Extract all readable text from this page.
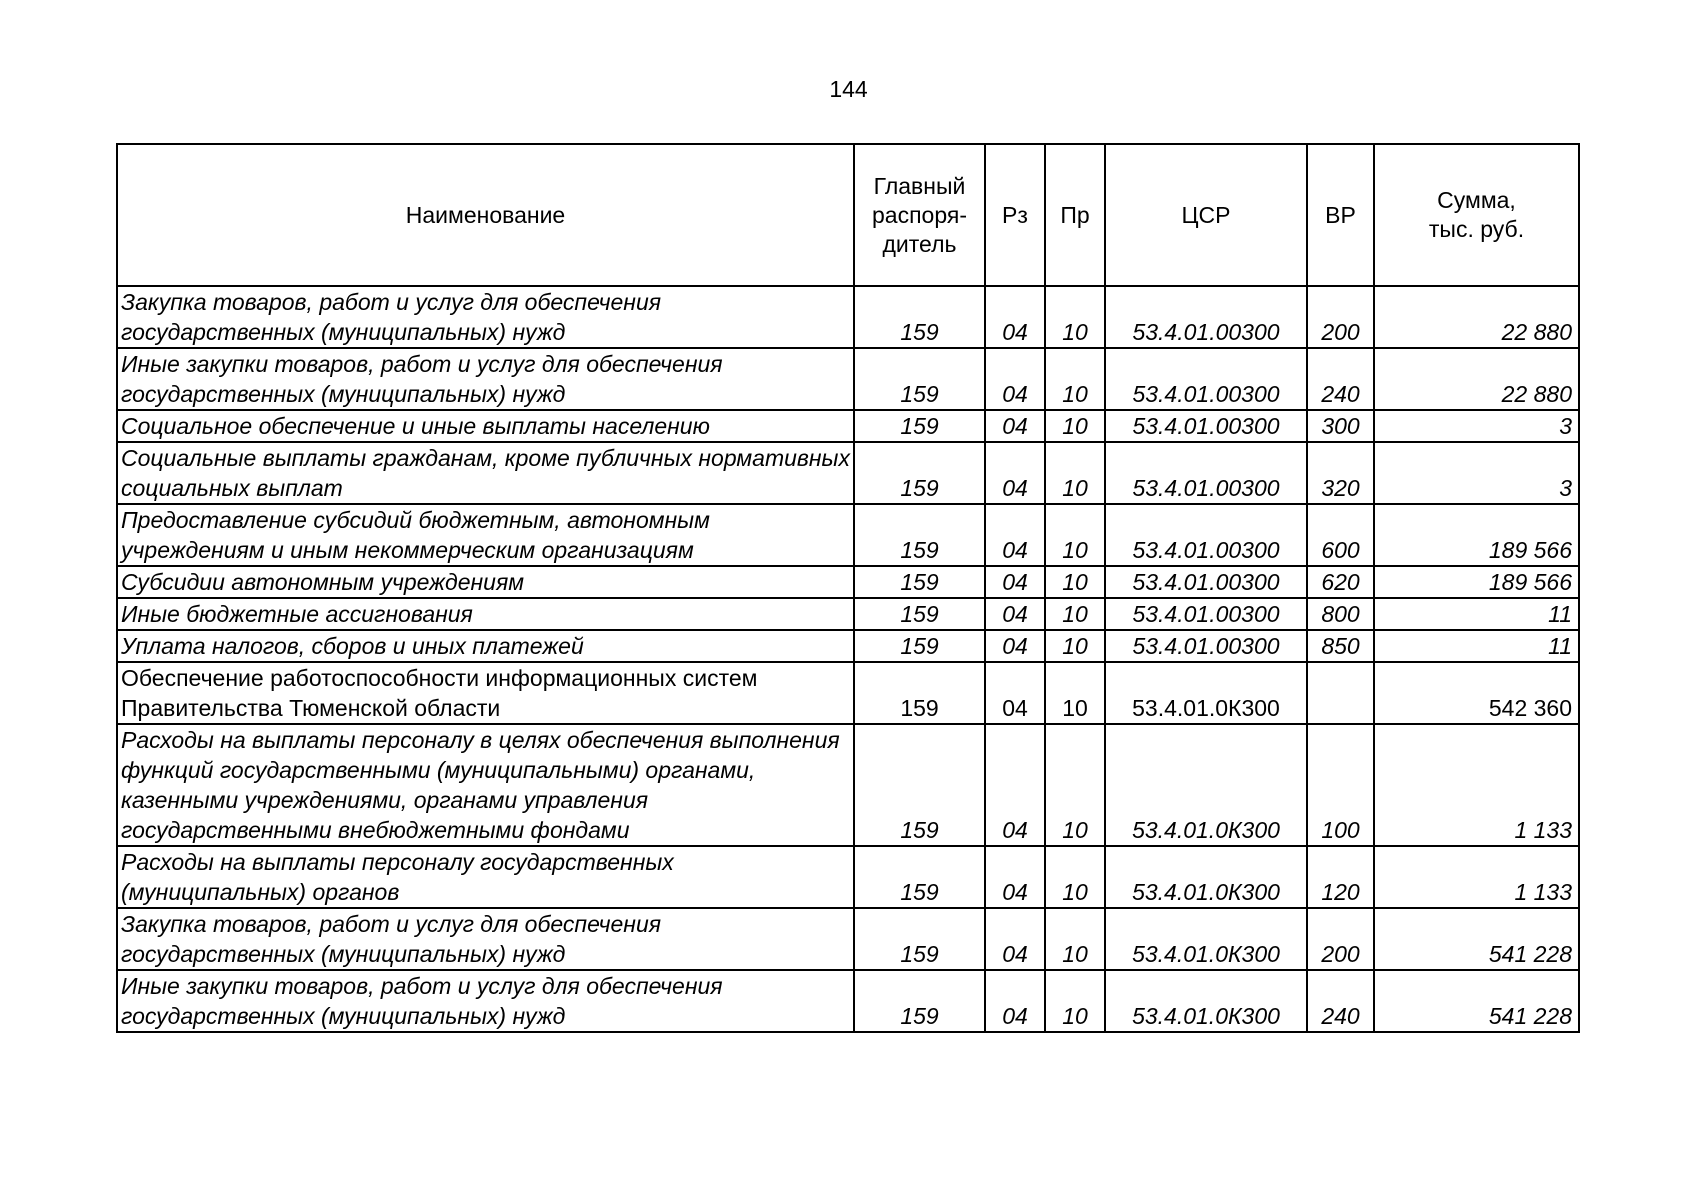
144
Наименование	Главный
распоря-
дитель	Рз	Пр	ЦСР	ВР	Сумма,
тыс. руб.
Закупка товаров, работ и услуг для обеспечения государственных (муниципальных) нужд	159	04	10	53.4.01.00300	200	22 880
Иные закупки товаров, работ и услуг для обеспечения государственных (муниципальных) нужд	159	04	10	53.4.01.00300	240	22 880
Социальное обеспечение и иные выплаты населению	159	04	10	53.4.01.00300	300	3
Социальные выплаты гражданам, кроме публичных нормативных социальных выплат	159	04	10	53.4.01.00300	320	3
Предоставление субсидий бюджетным, автономным учреждениям и иным некоммерческим организациям	159	04	10	53.4.01.00300	600	189 566
Субсидии автономным учреждениям	159	04	10	53.4.01.00300	620	189 566
Иные бюджетные ассигнования	159	04	10	53.4.01.00300	800	11
Уплата налогов, сборов и иных платежей	159	04	10	53.4.01.00300	850	11
Обеспечение работоспособности информационных систем Правительства Тюменской области	159	04	10	53.4.01.0К300		542 360
Расходы на выплаты персоналу в целях обеспечения выполнения функций государственными (муниципальными) органами, казенными учреждениями, органами управления государственными внебюджетными фондами	159	04	10	53.4.01.0К300	100	1 133
Расходы на выплаты персоналу государственных (муниципальных) органов	159	04	10	53.4.01.0К300	120	1 133
Закупка товаров, работ и услуг для обеспечения государственных (муниципальных) нужд	159	04	10	53.4.01.0К300	200	541 228
Иные закупки товаров, работ и услуг для обеспечения государственных (муниципальных) нужд	159	04	10	53.4.01.0К300	240	541 228
